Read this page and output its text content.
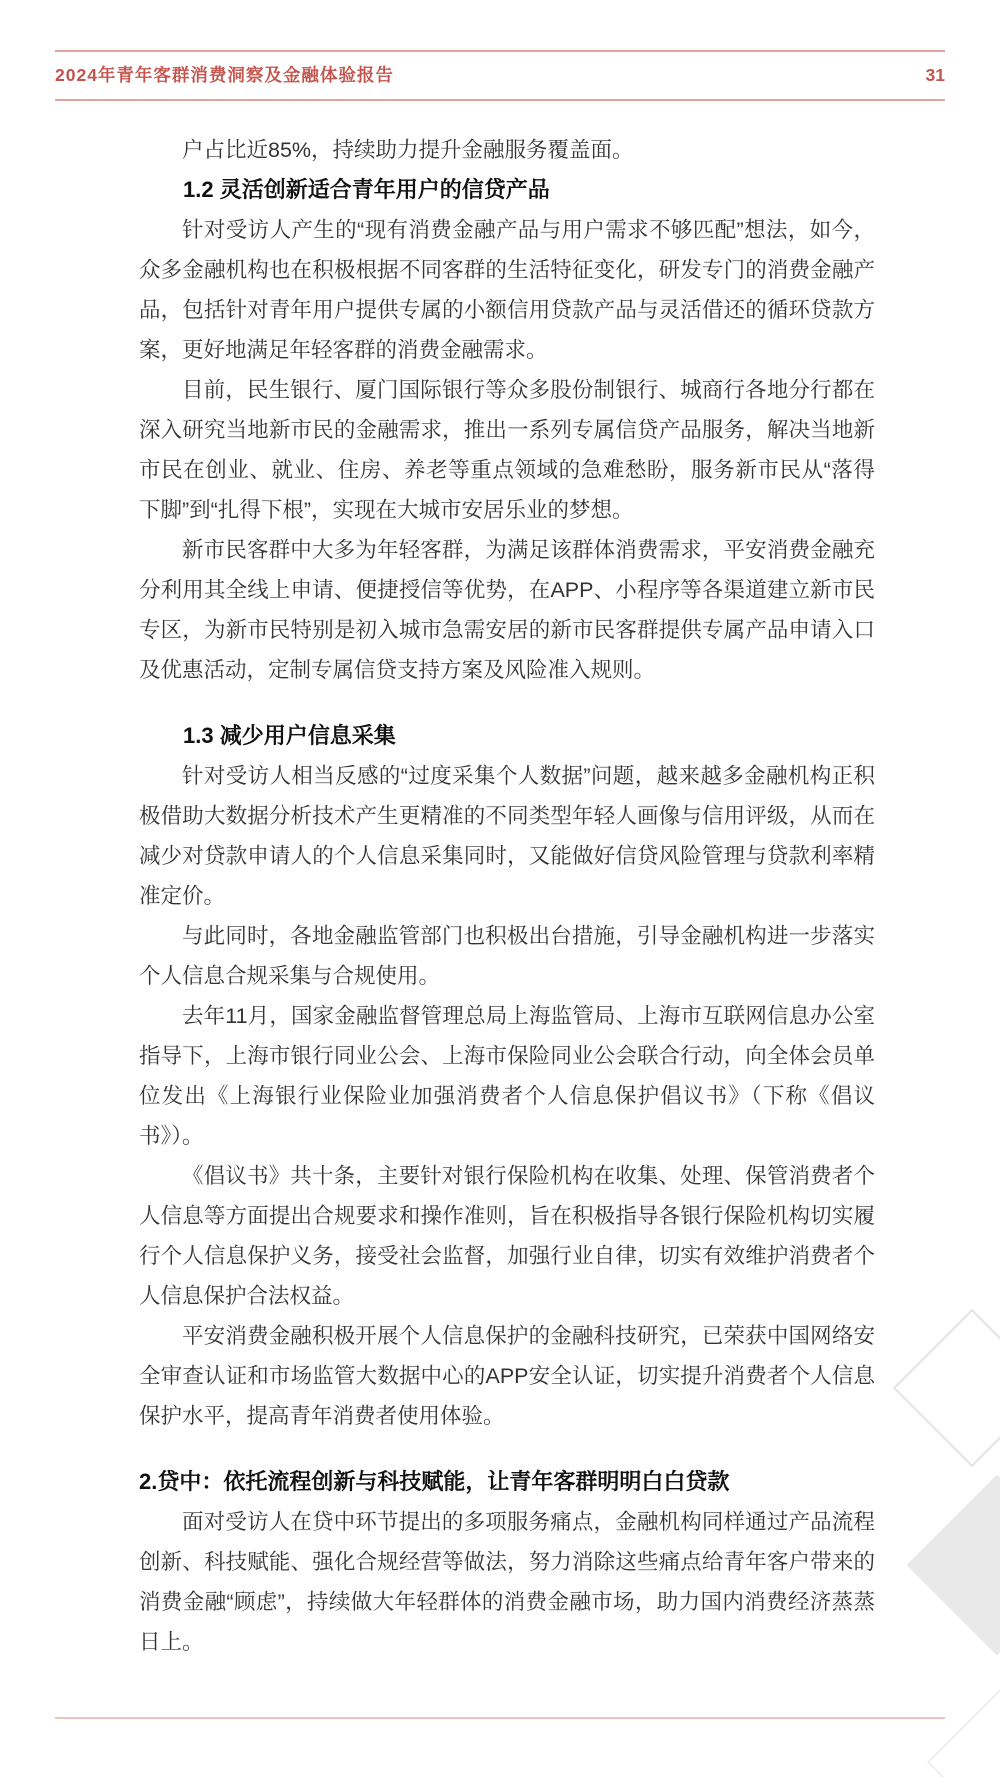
2024年青年客群消费洞察及金融体验报告	31

户占比近85%，持续助力提升金融服务覆盖面。

1.2 灵活创新适合青年用户的信贷产品

针对受访人产生的“现有消费金融产品与用户需求不够匹配”想法，如今，众多金融机构也在积极根据不同客群的生活特征变化，研发专门的消费金融产品，包括针对青年用户提供专属的小额信用贷款产品与灵活借还的循环贷款方案，更好地满足年轻客群的消费金融需求。

目前，民生银行、厦门国际银行等众多股份制银行、城商行各地分行都在深入研究当地新市民的金融需求，推出一系列专属信贷产品服务，解决当地新市民在创业、就业、住房、养老等重点领域的急难愁盼，服务新市民从“落得下脚”到“扎得下根”，实现在大城市安居乐业的梦想。

新市民客群中大多为年轻客群，为满足该群体消费需求，平安消费金融充分利用其全线上申请、便捷授信等优势，在APP、小程序等各渠道建立新市民专区，为新市民特别是初入城市急需安居的新市民客群提供专属产品申请入口及优惠活动，定制专属信贷支持方案及风险准入规则。

1.3 减少用户信息采集

针对受访人相当反感的“过度采集个人数据”问题，越来越多金融机构正积极借助大数据分析技术产生更精准的不同类型年轻人画像与信用评级，从而在减少对贷款申请人的个人信息采集同时，又能做好信贷风险管理与贷款利率精准定价。

与此同时，各地金融监管部门也积极出台措施，引导金融机构进一步落实个人信息合规采集与合规使用。

去年11月，国家金融监督管理总局上海监管局、上海市互联网信息办公室指导下，上海市银行同业公会、上海市保险同业公会联合行动，向全体会员单位发出《上海银行业保险业加强消费者个人信息保护倡议书》（下称《倡议书》）。

《倡议书》共十条，主要针对银行保险机构在收集、处理、保管消费者个人信息等方面提出合规要求和操作准则，旨在积极指导各银行保险机构切实履行个人信息保护义务，接受社会监督，加强行业自律，切实有效维护消费者个人信息保护合法权益。

平安消费金融积极开展个人信息保护的金融科技研究，已荣获中国网络安全审查认证和市场监管大数据中心的APP安全认证，切实提升消费者个人信息保护水平，提高青年消费者使用体验。

2.贷中：依托流程创新与科技赋能，让青年客群明明白白贷款

面对受访人在贷中环节提出的多项服务痛点，金融机构同样通过产品流程创新、科技赋能、强化合规经营等做法，努力消除这些痛点给青年客户带来的消费金融“顾虑”，持续做大年轻群体的消费金融市场，助力国内消费经济蒸蒸日上。
